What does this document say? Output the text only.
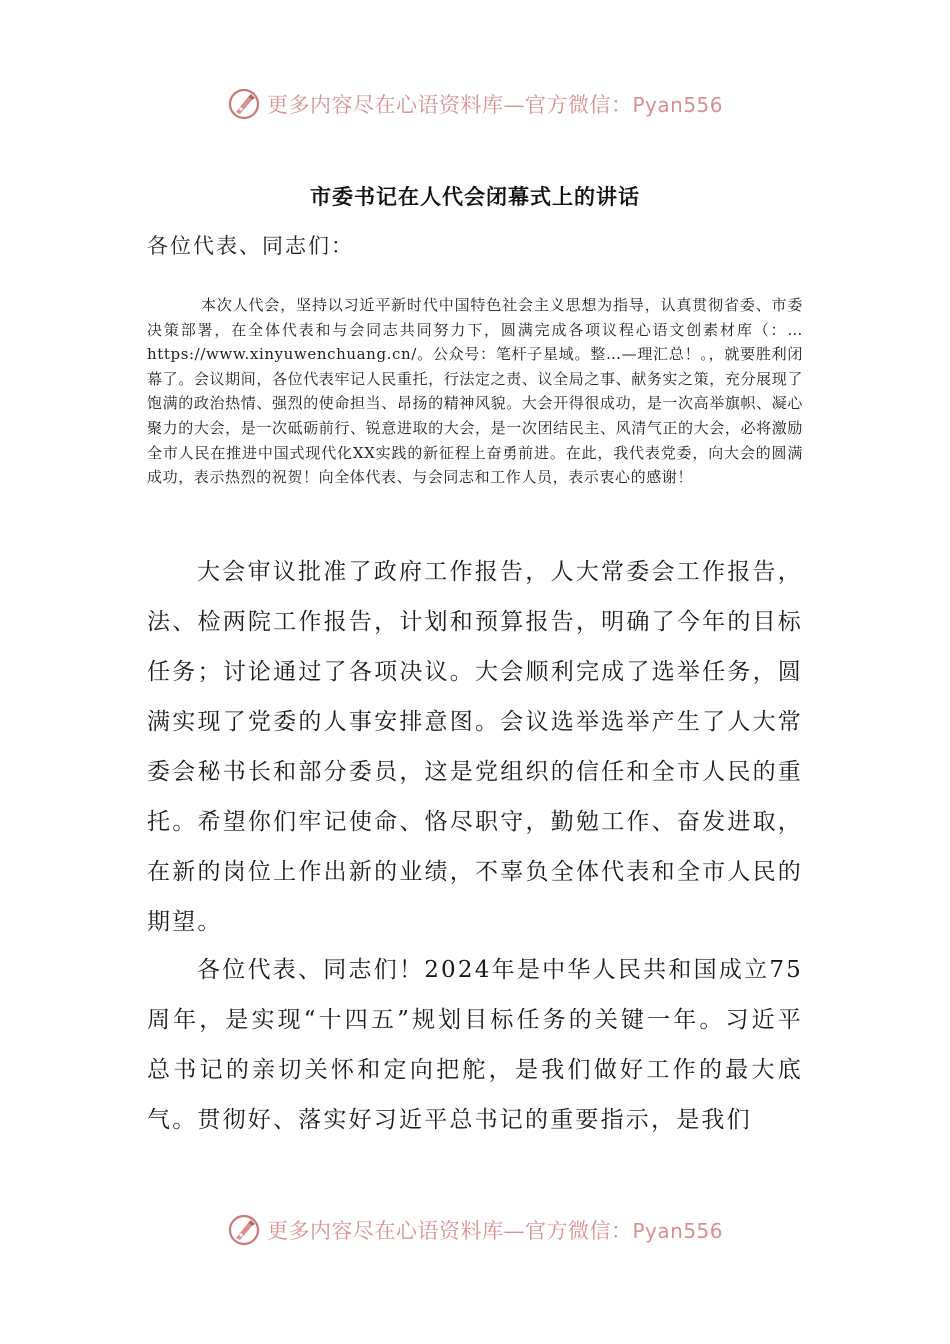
更多内容尽在心语资料库—官方微信：Pyan556
市委书记在人代会闭幕式上的讲话
各位代表、同志们：

本次人代会，坚持以习近平新时代中国特色社会主义思想为指导，认真贯彻省委、市委决策部署，在全体代表和与会同志共同努力下，圆满完成各项议程心语文创素材库（：…https://www.xinyuwenchuang.cn/。公众号：笔杆子星域。整…—理汇总！。，就要胜利闭幕了。会议期间，各位代表牢记人民重托，行法定之责、议全局之事、献务实之策，充分展现了饱满的政治热情、强烈的使命担当、昂扬的精神风貌。大会开得很成功，是一次高举旗帜、凝心聚力的大会，是一次砥砺前行、锐意进取的大会，是一次团结民主、风清气正的大会，必将激励全市人民在推进中国式现代化XX实践的新征程上奋勇前进。在此，我代表党委，向大会的圆满成功，表示热烈的祝贺！向全体代表、与会同志和工作人员，表示衷心的感谢！

大会审议批准了政府工作报告，人大常委会工作报告，法、检两院工作报告，计划和预算报告，明确了今年的目标任务；讨论通过了各项决议。大会顺利完成了选举任务，圆满实现了党委的人事安排意图。会议选举选举产生了人大常委会秘书长和部分委员，这是党组织的信任和全市人民的重托。希望你们牢记使命、恪尽职守，勤勉工作、奋发进取，在新的岗位上作出新的业绩，不辜负全体代表和全市人民的期望。

各位代表、同志们！2024年是中华人民共和国成立75周年，是实现“十四五”规划目标任务的关键一年。习近平总书记的亲切关怀和定向把舵，是我们做好工作的最大底气。贯彻好、落实好习近平总书记的重要指示，是我们

更多内容尽在心语资料库—官方微信：Pyan556
